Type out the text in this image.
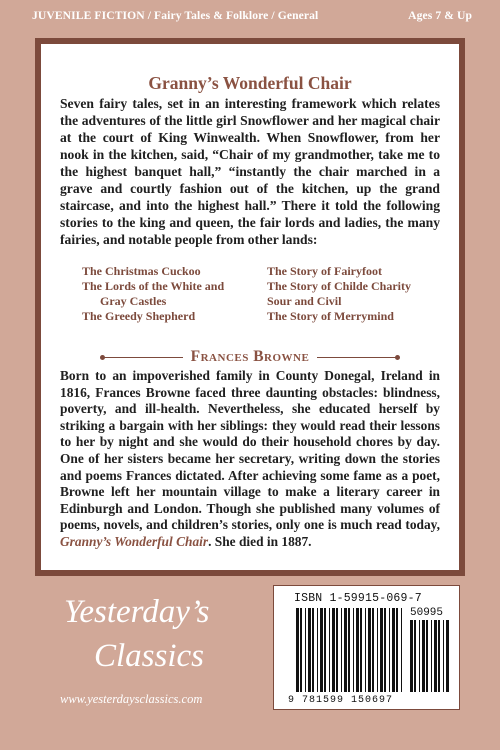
JUVENILE FICTION / Fairy Tales & Folklore / General	Ages 7 & Up
Granny’s Wonderful Chair

Seven fairy tales, set in an interesting framework which relates the adventures of the little girl Snowflower and her magical chair at the court of King Winwealth. When Snowflower, from her nook in the kitchen, said, “Chair of my grandmother, take me to the highest banquet hall,” “instantly the chair marched in a grave and courtly fashion out of the kitchen, up the grand staircase, and into the highest hall.” There it told the following stories to the king and queen, the fair lords and ladies, the many fairies, and notable people from other lands:

The Christmas Cuckoo
The Lords of the White and
Gray Castles
The Greedy Shepherd
The Story of Fairyfoot
The Story of Childe Charity
Sour and Civil
The Story of Merrymind
Frances Browne

Born to an impoverished family in County Donegal, Ireland in 1816, Frances Browne faced three daunting obstacles: blindness, poverty, and ill-health. Nevertheless, she educated herself by striking a bargain with her siblings: they would read their lessons to her by night and she would do their household chores by day. One of her sisters became her secretary, writing down the stories and poems Frances dictated. After achieving some fame as a poet, Browne left her mountain village to make a literary career in Edinburgh and London. Though she published many volumes of poems, novels, and children’s stories, only one is much read today, Granny’s Wonderful Chair. She died in 1887.

Yesterday’s
Classics
www.yesterdaysclassics.com
ISBN 1-59915-069-7
50995
9 781599 150697
